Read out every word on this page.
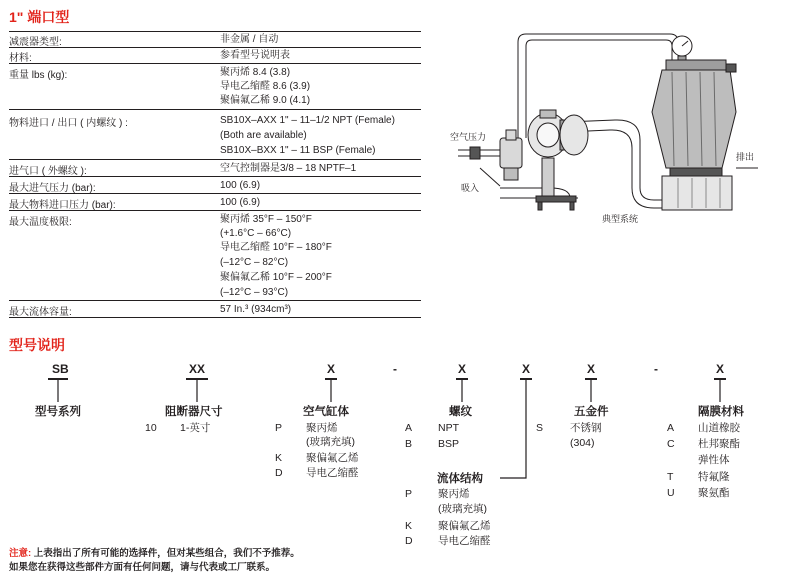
1" 端口型
减震器类型:	非金属 / 自动
材料:	参看型号说明表
重量 lbs (kg):	聚丙烯 8.4 (3.8)
导电乙缩醛 8.6 (3.9)
聚偏氟乙稀 9.0 (4.1)
物料进口 / 出口 ( 内螺纹 ) :	SB10X–AXX 1" – 11–1/2 NPT (Female)
(Both are available)
SB10X–BXX 1" – 11 BSP (Female)
进气口 ( 外螺纹 ):	空气控制器是3/8 – 18 NPTF–1
最大进气压力 (bar):	100 (6.9)
最大物料进口压力 (bar):	100 (6.9)
最大温度极限:	聚丙烯 35°F – 150°F
(+1.6°C – 66°C)
导电乙缩醛 10°F – 180°F
(–12°C – 82°C)
聚偏氟乙稀 10°F – 200°F
(–12°C – 93°C)
最大流体容量:	57 In.³ (934cm³)
空气压力
吸入
排出
典型系统
型号说明
SB	XX	X	-	X	X	X	-	X
型号系列	阻断器尺寸
10 1-英寸
空气缸体
P 聚丙烯
(玻璃充填)
K 聚偏氟乙烯
D 导电乙缩醛
螺纹
A NPT
B BSP
流体结构
P 聚丙烯
(玻璃充填)
K 聚偏氟乙烯
D 导电乙缩醛
五金件
S	不锈钢
(304)
隔膜材料
A 山道橡胶
C 杜邦聚酯
弹性体
T 特氟隆
U 聚氨酯
注意: 上表指出了所有可能的选择件，但对某些组合，我们不予推荐。
如果您在获得这些部件方面有任何问题，请与代表或工厂联系。
